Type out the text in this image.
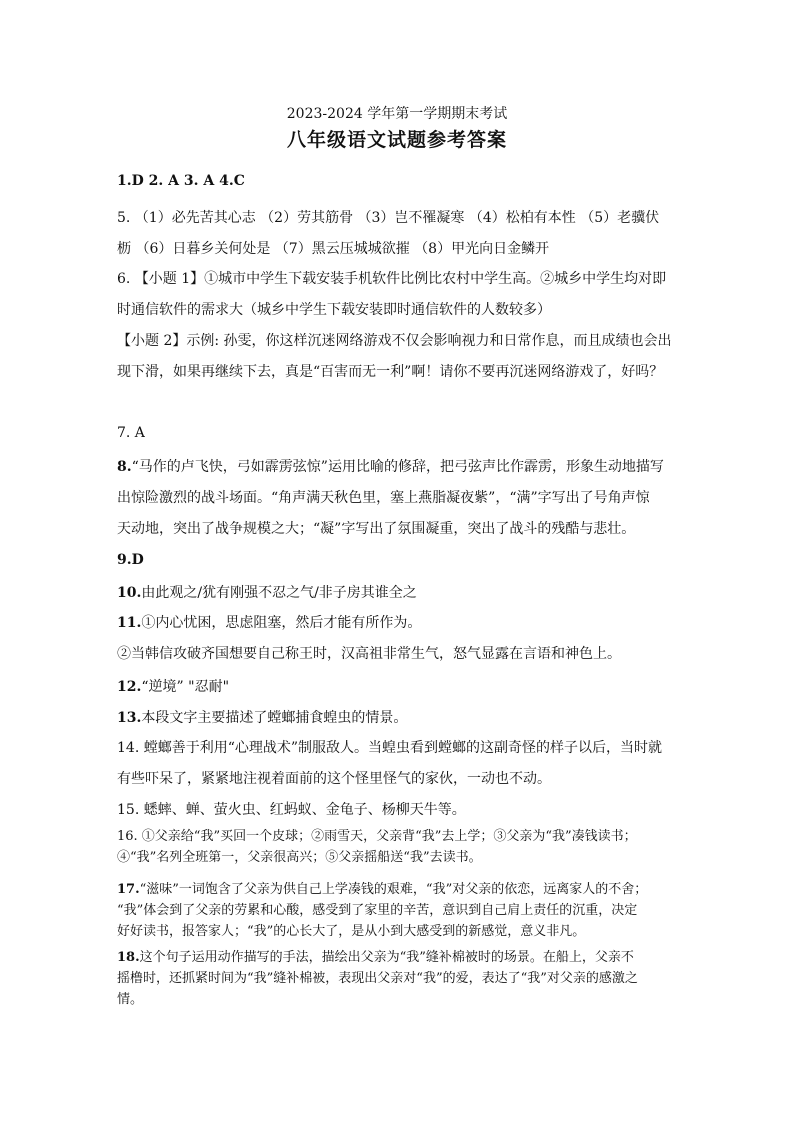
2023-2024 学年第一学期期末考试
八年级语文试题参考答案
1.D 2. A 3. A 4.C
5. （1）必先苦其心志 （2）劳其筋骨 （3）岂不罹凝寒 （4）松柏有本性 （5）老骥伏
枥 （6）日暮乡关何处是 （7）黑云压城城欲摧 （8）甲光向日金鳞开
6. 【小题 1】①城市中学生下载安装手机软件比例比农村中学生高。②城乡中学生均对即
时通信软件的需求大（城乡中学生下载安装即时通信软件的人数较多）
【小题 2】示例: 孙雯，你这样沉迷网络游戏不仅会影响视力和日常作息，而且成绩也会出
现下滑，如果再继续下去，真是“百害而无一利”啊！请你不要再沉迷网络游戏了，好吗？
7. A
8.“马作的卢飞快，弓如霹雳弦惊”运用比喻的修辞，把弓弦声比作霹雳，形象生动地描写
出惊险激烈的战斗场面。“角声满天秋色里，塞上燕脂凝夜紫”，“满”字写出了号角声惊
天动地，突出了战争规模之大；“凝”字写出了氛围凝重，突出了战斗的残酷与悲壮。
9.D
10.由此观之/犹有刚强不忍之气/非子房其谁全之
11.①内心忧困，思虑阻塞，然后才能有所作为。
②当韩信攻破齐国想要自己称王时，汉高祖非常生气，怒气显露在言语和神色上。
12.“逆境” "忍耐"
13.本段文字主要描述了螳螂捕食蝗虫的情景。
14. 螳螂善于利用“心理战术”制服敌人。当蝗虫看到螳螂的这副奇怪的样子以后，当时就
有些吓呆了，紧紧地注视着面前的这个怪里怪气的家伙，一动也不动。
15. 蟋蟀、蝉、萤火虫、红蚂蚁、金龟子、杨柳天牛等。
16. ①父亲给“我”买回一个皮球；②雨雪天，父亲背“我”去上学；③父亲为“我”凑钱读书；
④“我”名列全班第一，父亲很高兴；⑤父亲摇船送“我”去读书。
17.“滋味”一词饱含了父亲为供自己上学凑钱的艰难，“我”对父亲的依恋，远离家人的不舍；
“我”体会到了父亲的劳累和心酸，感受到了家里的辛苦，意识到自己肩上责任的沉重，决定
好好读书，报答家人；“我”的心长大了，是从小到大感受到的新感觉，意义非凡。
18.这个句子运用动作描写的手法，描绘出父亲为“我”缝补棉被时的场景。在船上，父亲不
摇橹时，还抓紧时间为“我”缝补棉被，表现出父亲对“我”的爱，表达了“我”对父亲的感激之
情。
